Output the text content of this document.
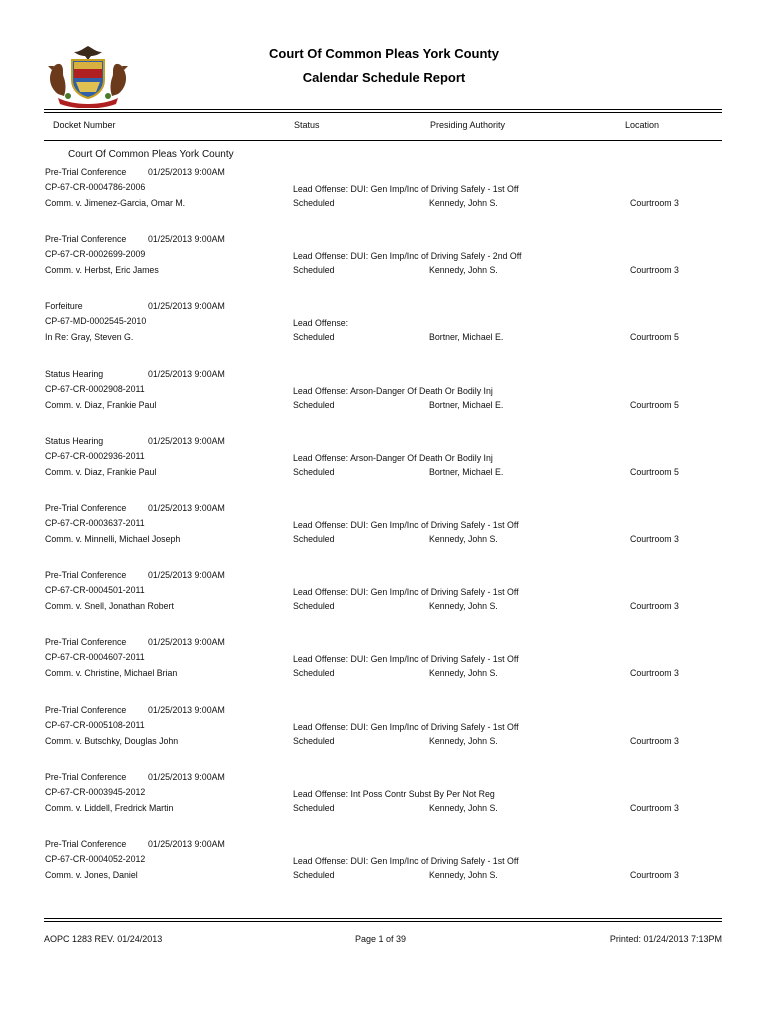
Court Of Common Pleas York County
Calendar Schedule Report
Docket Number	Status	Presiding Authority	Location
Court Of Common Pleas York County
Pre-Trial Conference 01/25/2013 9:00AM
CP-67-CR-0004786-2006
Comm. v. Jimenez-Garcia, Omar M.
Lead Offense: DUI: Gen Imp/Inc of Driving Safely - 1st Off
Scheduled	Kennedy, John S.	Courtroom 3
Pre-Trial Conference 01/25/2013 9:00AM
CP-67-CR-0002699-2009
Comm. v. Herbst, Eric James
Lead Offense: DUI: Gen Imp/Inc of Driving Safely - 2nd Off
Scheduled	Kennedy, John S.	Courtroom 3
Forfeiture	01/25/2013 9:00AM
CP-67-MD-0002545-2010
In Re: Gray, Steven G.
Lead Offense:
Scheduled	Bortner, Michael E.	Courtroom 5
Status Hearing	01/25/2013 9:00AM
CP-67-CR-0002908-2011
Comm. v. Diaz, Frankie Paul
Lead Offense: Arson-Danger Of Death Or Bodily Inj
Scheduled	Bortner, Michael E.	Courtroom 5
Status Hearing	01/25/2013 9:00AM
CP-67-CR-0002936-2011
Comm. v. Diaz, Frankie Paul
Lead Offense: Arson-Danger Of Death Or Bodily Inj
Scheduled	Bortner, Michael E.	Courtroom 5
Pre-Trial Conference 01/25/2013 9:00AM
CP-67-CR-0003637-2011
Comm. v. Minnelli, Michael Joseph
Lead Offense: DUI: Gen Imp/Inc of Driving Safely - 1st Off
Scheduled	Kennedy, John S.	Courtroom 3
Pre-Trial Conference 01/25/2013 9:00AM
CP-67-CR-0004501-2011
Comm. v. Snell, Jonathan Robert
Lead Offense: DUI: Gen Imp/Inc of Driving Safely - 1st Off
Scheduled	Kennedy, John S.	Courtroom 3
Pre-Trial Conference 01/25/2013 9:00AM
CP-67-CR-0004607-2011
Comm. v. Christine, Michael Brian
Lead Offense: DUI: Gen Imp/Inc of Driving Safely - 1st Off
Scheduled	Kennedy, John S.	Courtroom 3
Pre-Trial Conference 01/25/2013 9:00AM
CP-67-CR-0005108-2011
Comm. v. Butschky, Douglas John
Lead Offense: DUI: Gen Imp/Inc of Driving Safely - 1st Off
Scheduled	Kennedy, John S.	Courtroom 3
Pre-Trial Conference 01/25/2013 9:00AM
CP-67-CR-0003945-2012
Comm. v. Liddell, Fredrick Martin
Lead Offense: Int Poss Contr Subst By Per Not Reg
Scheduled	Kennedy, John S.	Courtroom 3
Pre-Trial Conference 01/25/2013 9:00AM
CP-67-CR-0004052-2012
Comm. v. Jones, Daniel
Lead Offense: DUI: Gen Imp/Inc of Driving Safely - 1st Off
Scheduled	Kennedy, John S.	Courtroom 3
AOPC 1283 REV. 01/24/2013	Page 1 of 39	Printed: 01/24/2013 7:13PM
